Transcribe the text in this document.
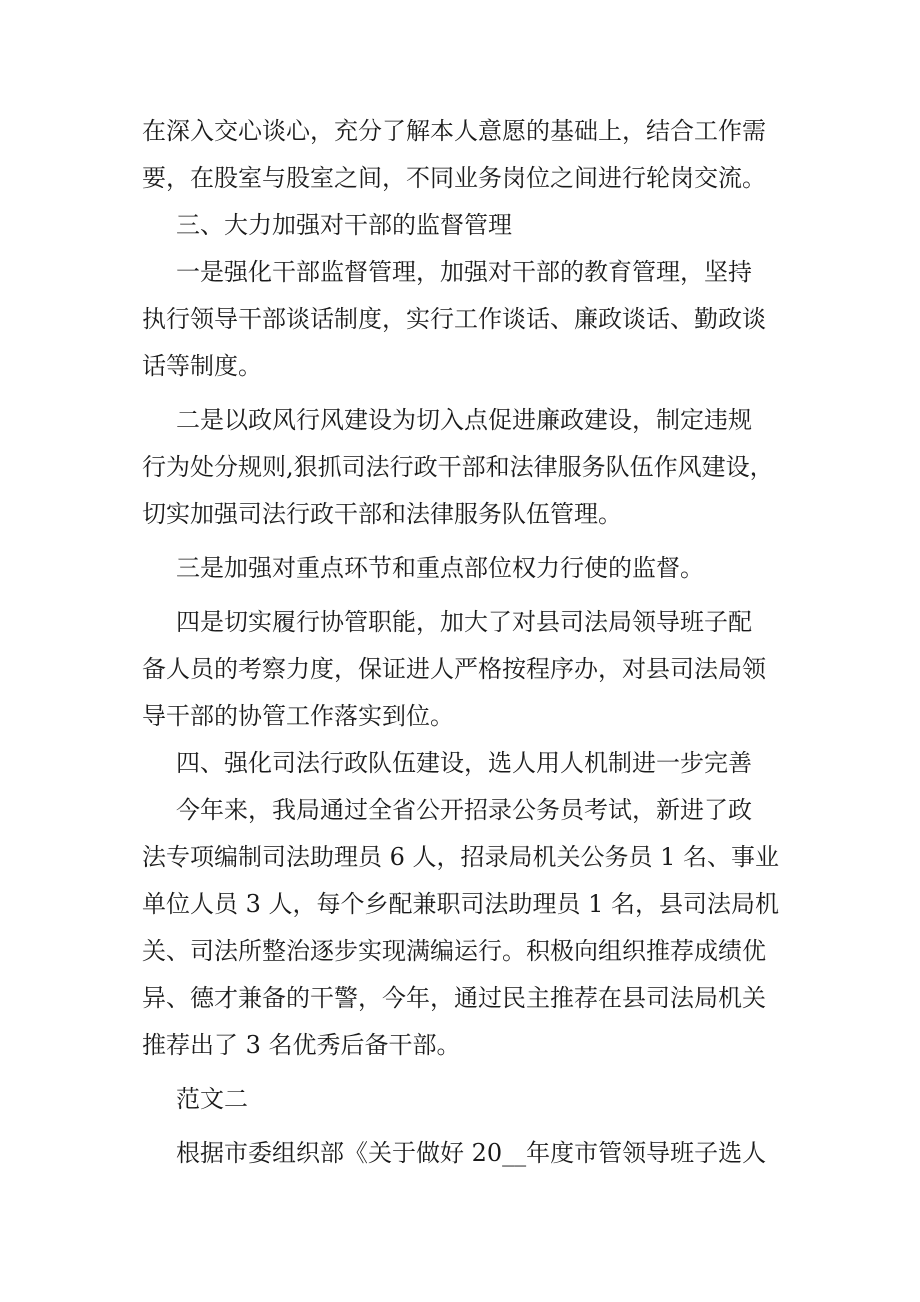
在深入交心谈心，充分了解本人意愿的基础上，结合工作需
要，在股室与股室之间，不同业务岗位之间进行轮岗交流。
三、大力加强对干部的监督管理
一是强化干部监督管理，加强对干部的教育管理，坚持
执行领导干部谈话制度，实行工作谈话、廉政谈话、勤政谈
话等制度。
二是以政风行风建设为切入点促进廉政建设，制定违规
行为处分规则,狠抓司法行政干部和法律服务队伍作风建设，
切实加强司法行政干部和法律服务队伍管理。
三是加强对重点环节和重点部位权力行使的监督。
四是切实履行协管职能，加大了对县司法局领导班子配
备人员的考察力度，保证进人严格按程序办，对县司法局领
导干部的协管工作落实到位。
四、强化司法行政队伍建设，选人用人机制进一步完善
今年来，我局通过全省公开招录公务员考试，新进了政
法专项编制司法助理员 6 人，招录局机关公务员 1 名、事业
单位人员 3 人，每个乡配兼职司法助理员 1 名，县司法局机
关、司法所整治逐步实现满编运行。积极向组织推荐成绩优
异、德才兼备的干警，今年，通过民主推荐在县司法局机关
推荐出了 3 名优秀后备干部。
范文二
根据市委组织部《关于做好 20__年度市管领导班子选人
